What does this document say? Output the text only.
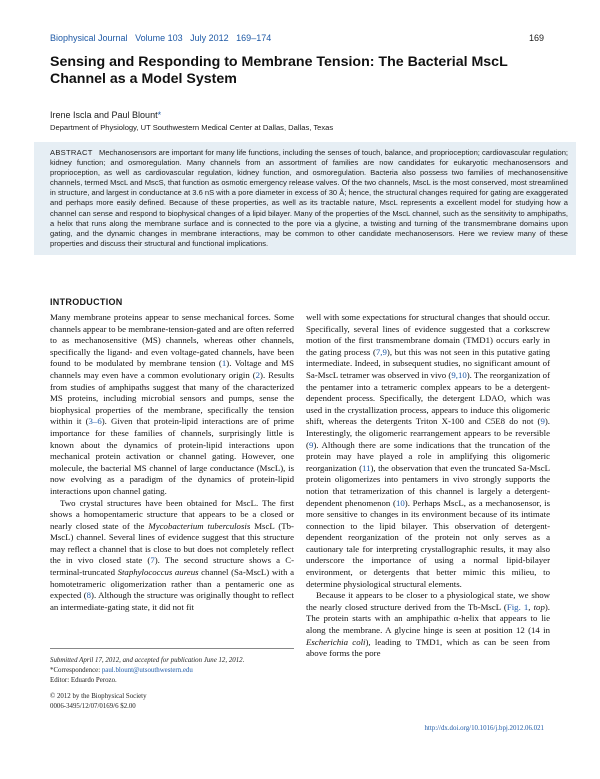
Biophysical Journal Volume 103 July 2012 169–174	169
Sensing and Responding to Membrane Tension: The Bacterial MscL Channel as a Model System
Irene Iscla and Paul Blount*
Department of Physiology, UT Southwestern Medical Center at Dallas, Dallas, Texas
ABSTRACT Mechanosensors are important for many life functions, including the senses of touch, balance, and proprioception; cardiovascular regulation; kidney function; and osmoregulation. Many channels from an assortment of families are now candidates for eukaryotic mechanosensors and proprioception, as well as cardiovascular regulation, kidney function, and osmoregulation. Bacteria also possess two families of mechanosensitive channels, termed MscL and MscS, that function as osmotic emergency release valves. Of the two channels, MscL is the most conserved, most streamlined in structure, and largest in conductance at 3.6 nS with a pore diameter in excess of 30 Å; hence, the structural changes required for gating are exaggerated and perhaps more easily defined. Because of these properties, as well as its tractable nature, MscL represents a excellent model for studying how a channel can sense and respond to biophysical changes of a lipid bilayer. Many of the properties of the MscL channel, such as the sensitivity to amphipaths, a helix that runs along the membrane surface and is connected to the pore via a glycine, a twisting and turning of the transmembrane domains upon gating, and the dynamic changes in membrane interactions, may be common to other candidate mechanosensors. Here we review many of these properties and discuss their structural and functional implications.
INTRODUCTION

Many membrane proteins appear to sense mechanical forces. Some channels appear to be membrane-tension-gated and are often referred to as mechanosensitive (MS) channels, whereas other channels, specifically the ligand- and even voltage-gated channels, have been found to be modulated by membrane tension (1). Voltage and MS channels may even have a common evolutionary origin (2). Results from studies of amphipaths suggest that many of the characterized MS proteins, including microbial sensors and pumps, sense the biophysical properties of the membrane, specifically the tension within it (3–6). Given that protein-lipid interactions are of prime importance for these families of channels, surprisingly little is known about the dynamics of protein-lipid interactions upon mechanical protein activation or channel gating. However, one molecule, the bacterial MS channel of large conductance (MscL), is now evolving as a paradigm of the dynamics of protein-lipid interactions upon channel gating.

Two crystal structures have been obtained for MscL. The first shows a homopentameric structure that appears to be a closed or nearly closed state of the Mycobacterium tuberculosis MscL (Tb-MscL) channel. Several lines of evidence suggest that this structure may reflect a channel that is close to but does not completely reflect the in vivo closed state (7). The second structure shows a C-terminal-truncated Staphylococcus aureus channel (Sa-MscL) with a homotetrameric oligomerization rather than a pentameric one as expected (8). Although the structure was originally thought to reflect an intermediate-gating state, it did not fit

well with some expectations for structural changes that should occur. Specifically, several lines of evidence suggested that a corkscrew motion of the first transmembrane domain (TMD1) occurs early in the gating process (7,9), but this was not seen in this putative gating intermediate. Indeed, in subsequent studies, no significant amount of Sa-MscL tetramer was observed in vivo (9,10). The reorganization of the pentamer into a tetrameric complex appears to be a detergent-dependent process. Specifically, the detergent LDAO, which was used in the crystallization process, appears to induce this oligomeric shift, whereas the detergents Triton X-100 and C5E8 do not (9). Interestingly, the oligomeric rearrangement appears to be reversible (9). Although there are some indications that the truncation of the protein may have played a role in amplifying this oligomeric reorganization (11), the observation that even the truncated Sa-MscL protein oligomerizes into pentamers in vivo strongly supports the notion that tetramerization of this channel is largely a detergent-dependent phenomenon (10). Perhaps MscL, as a mechanosensor, is more sensitive to changes in its environment because of its intimate connection to the lipid bilayer. This observation of detergent-dependent reorganization of the protein not only serves as a cautionary tale for interpreting crystallographic results, it may also underscore the importance of using a normal lipid-bilayer environment, or detergents that better mimic this milieu, to determine physiological structural elements.

Because it appears to be closer to a physiological state, we show the nearly closed structure derived from the Tb-MscL (Fig. 1, top). The protein starts with an amphipathic α-helix that appears to lie along the membrane. A glycine hinge is seen at position 12 (14 in Escherichia coli), leading to TMD1, which as can be seen from above forms the pore

Submitted April 17, 2012, and accepted for publication June 12, 2012.
*Correspondence: paul.blount@utsouthwestern.edu
Editor: Eduardo Perozo.
© 2012 by the Biophysical Society
0006-3495/12/07/0169/6 $2.00
http://dx.doi.org/10.1016/j.bpj.2012.06.021
